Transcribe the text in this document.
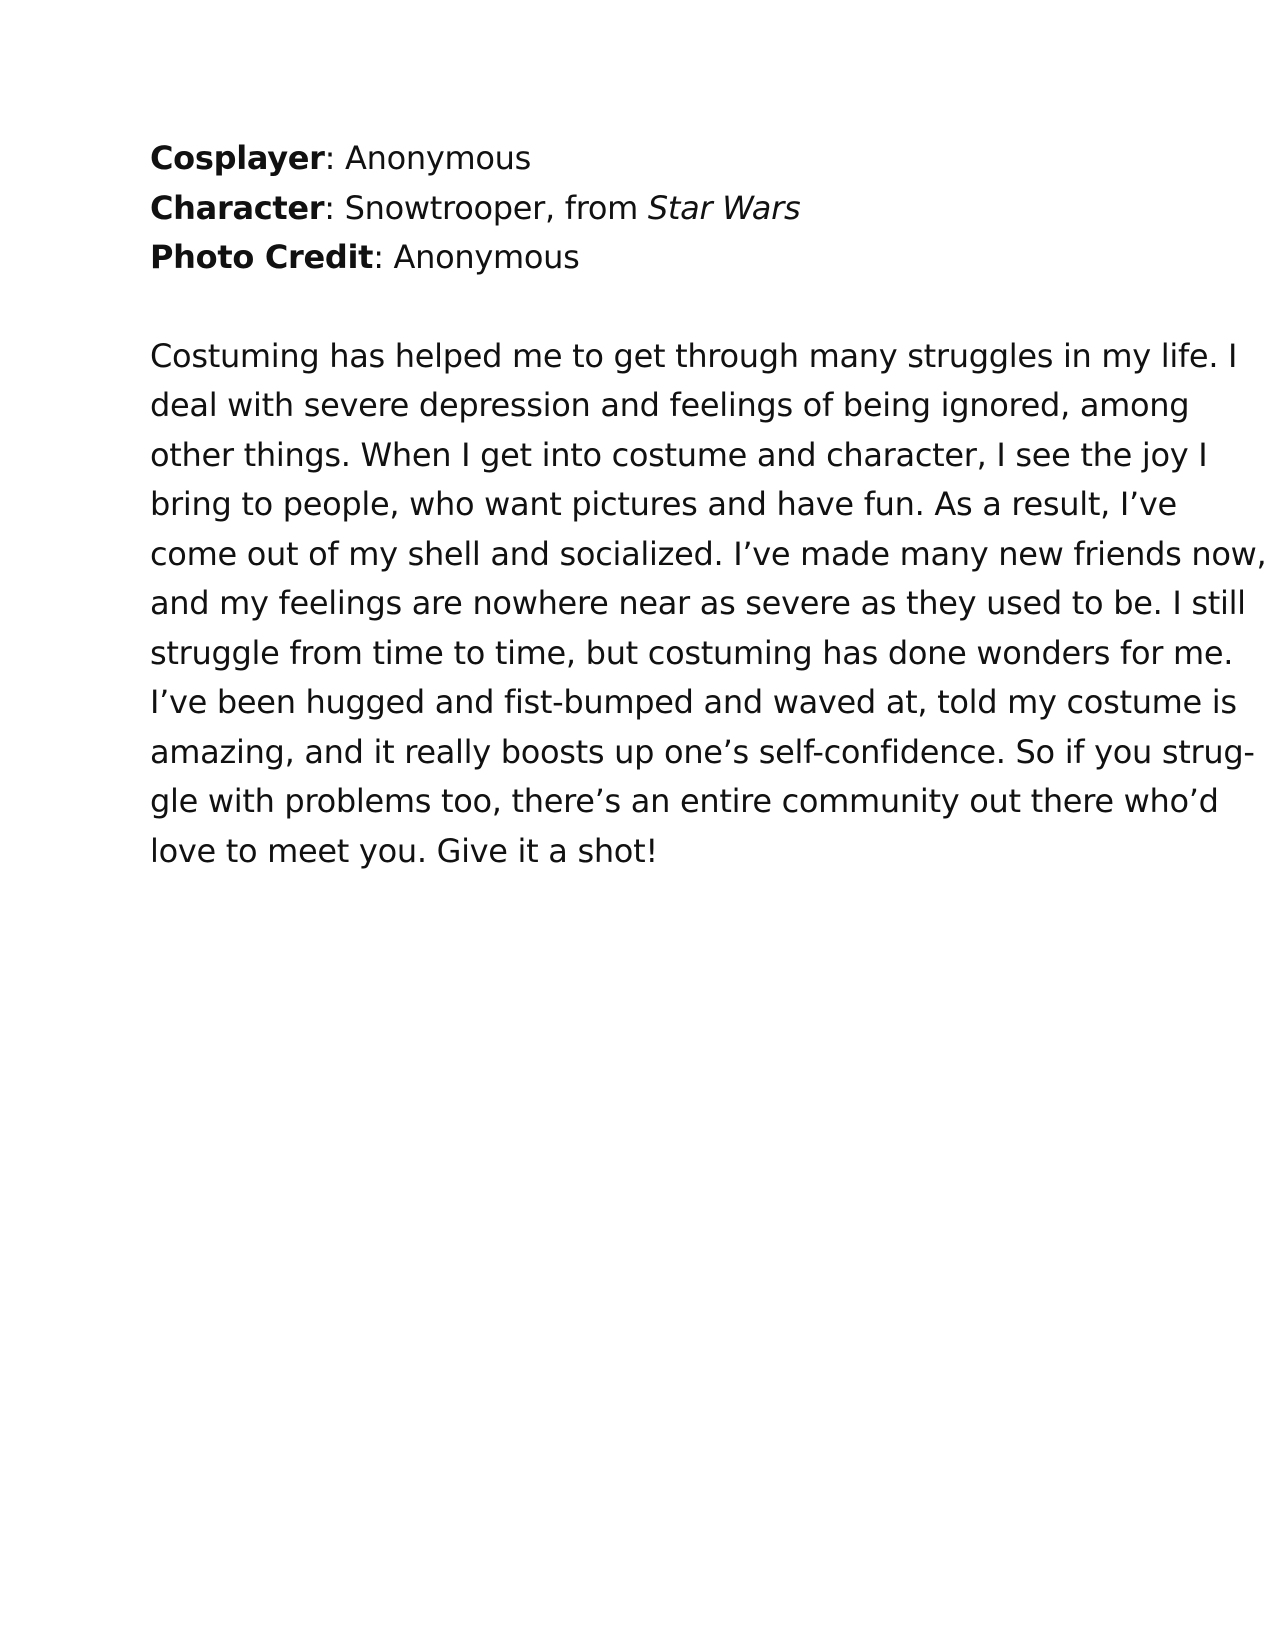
Cosplayer: Anonymous

Character: Snowtrooper, from Star Wars

Photo Credit: Anonymous

Costuming has helped me to get through many struggles in my life. I
deal with severe depression and feelings of being ignored, among
other things. When I get into costume and character, I see the joy I
bring to people, who want pictures and have fun. As a result, I’ve
come out of my shell and socialized. I’ve made many new friends now,
and my feelings are nowhere near as severe as they used to be. I still
struggle from time to time, but costuming has done wonders for me.
I’ve been hugged and fist-bumped and waved at, told my costume is
amazing, and it really boosts up one’s self-confidence. So if you strug-
gle with problems too, there’s an entire community out there who’d
love to meet you. Give it a shot!
